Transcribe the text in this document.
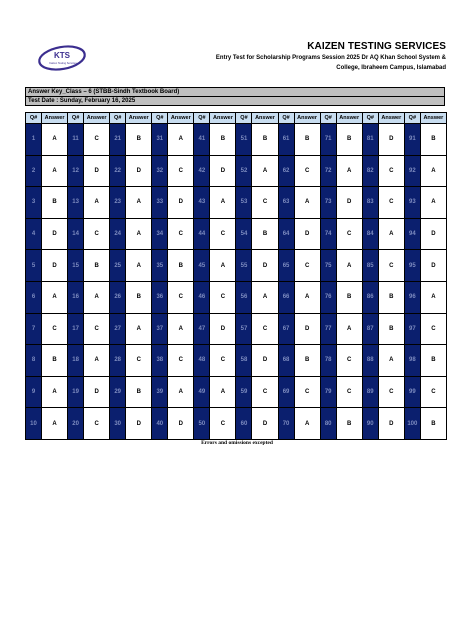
KTS
Kaizen Testing Services
KAIZEN TESTING SERVICES
Entry Test for Scholarship Programs Session 2025 Dr AQ Khan School System &
College, Ibraheem Campus, Islamabad
Answer Key_Class – 6 (STBB-Sindh Textbook Board)
Test Date : Sunday, February 16, 2025
Q#	Answer	Q#	Answer	Q#	Answer	Q#	Answer	Q#	Answer	Q#	Answer	Q#	Answer	Q#	Answer	Q#	Answer	Q#	Answer
1	A	11	C	21	B	31	A	41	B	51	B	61	B	71	B	81	D	91	B
2	A	12	D	22	D	32	C	42	D	52	A	62	C	72	A	82	C	92	A
3	B	13	A	23	A	33	D	43	A	53	C	63	A	73	D	83	C	93	A
4	D	14	C	24	A	34	C	44	C	54	B	64	D	74	C	84	A	94	D
5	D	15	B	25	A	35	B	45	A	55	D	65	C	75	A	85	C	95	D
6	A	16	A	26	B	36	C	46	C	56	A	66	A	76	B	86	B	96	A
7	C	17	C	27	A	37	A	47	D	57	C	67	D	77	A	87	B	97	C
8	B	18	A	28	C	38	C	48	C	58	D	68	B	78	C	88	A	98	B
9	A	19	D	29	B	39	A	49	A	59	C	69	C	79	C	89	C	99	C
10	A	20	C	30	D	40	D	50	C	60	D	70	A	80	B	90	D	100	B
Errors and omissions excepted
